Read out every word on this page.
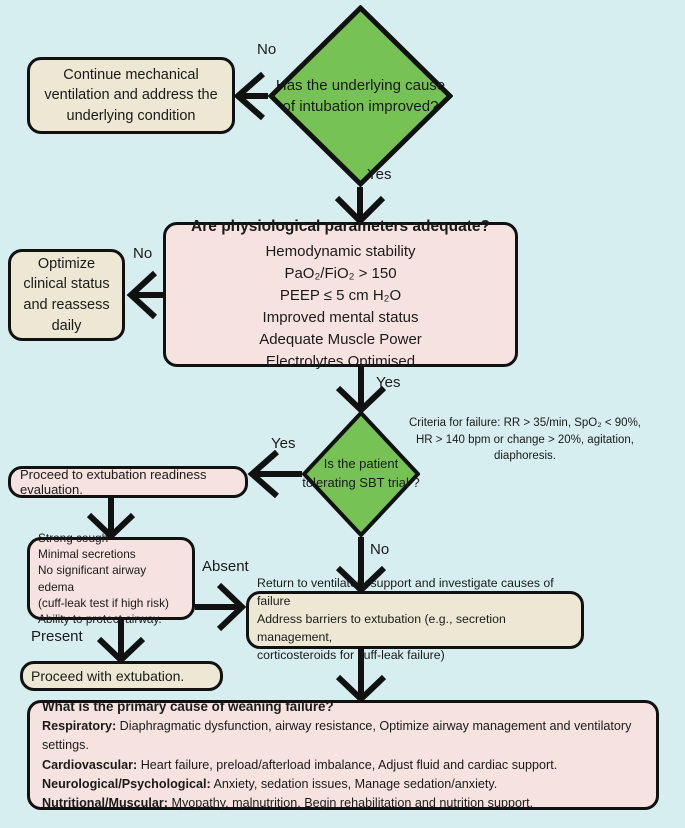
Has the underlying cause of intubation improved?
No
Yes
Continue mechanical ventilation and address the underlying condition
Are physiological parameters adequate?
Hemodynamic stability
PaO₂/FiO₂ > 150
PEEP ≤ 5 cm H₂O
Improved mental status
Adequate Muscle Power
Electrolytes Optimised
No
Yes
Optimize clinical status and reassess daily
Is the patient tolerating SBT trial ?
Yes
No
Criteria for failure: RR > 35/min, SpO₂ < 90%,
HR > 140 bpm or change > 20%, agitation,
diaphoresis.
Proceed to extubation readiness evaluation.
Strong cough
Minimal secretions
No significant airway edema
(cuff-leak test if high risk)
Ability to protect airway.
Absent
Present
Return to ventilatory support and investigate causes of failure
Address barriers to extubation (e.g., secretion management,
corticosteroids for cuff-leak failure)
Proceed with extubation.
What is the primary cause of weaning failure?
Respiratory: Diaphragmatic dysfunction, airway resistance, Optimize airway management and ventilatory settings.
Cardiovascular: Heart failure, preload/afterload imbalance, Adjust fluid and cardiac support.
Neurological/Psychological: Anxiety, sedation issues, Manage sedation/anxiety.
Nutritional/Muscular: Myopathy, malnutrition, Begin rehabilitation and nutrition support.
